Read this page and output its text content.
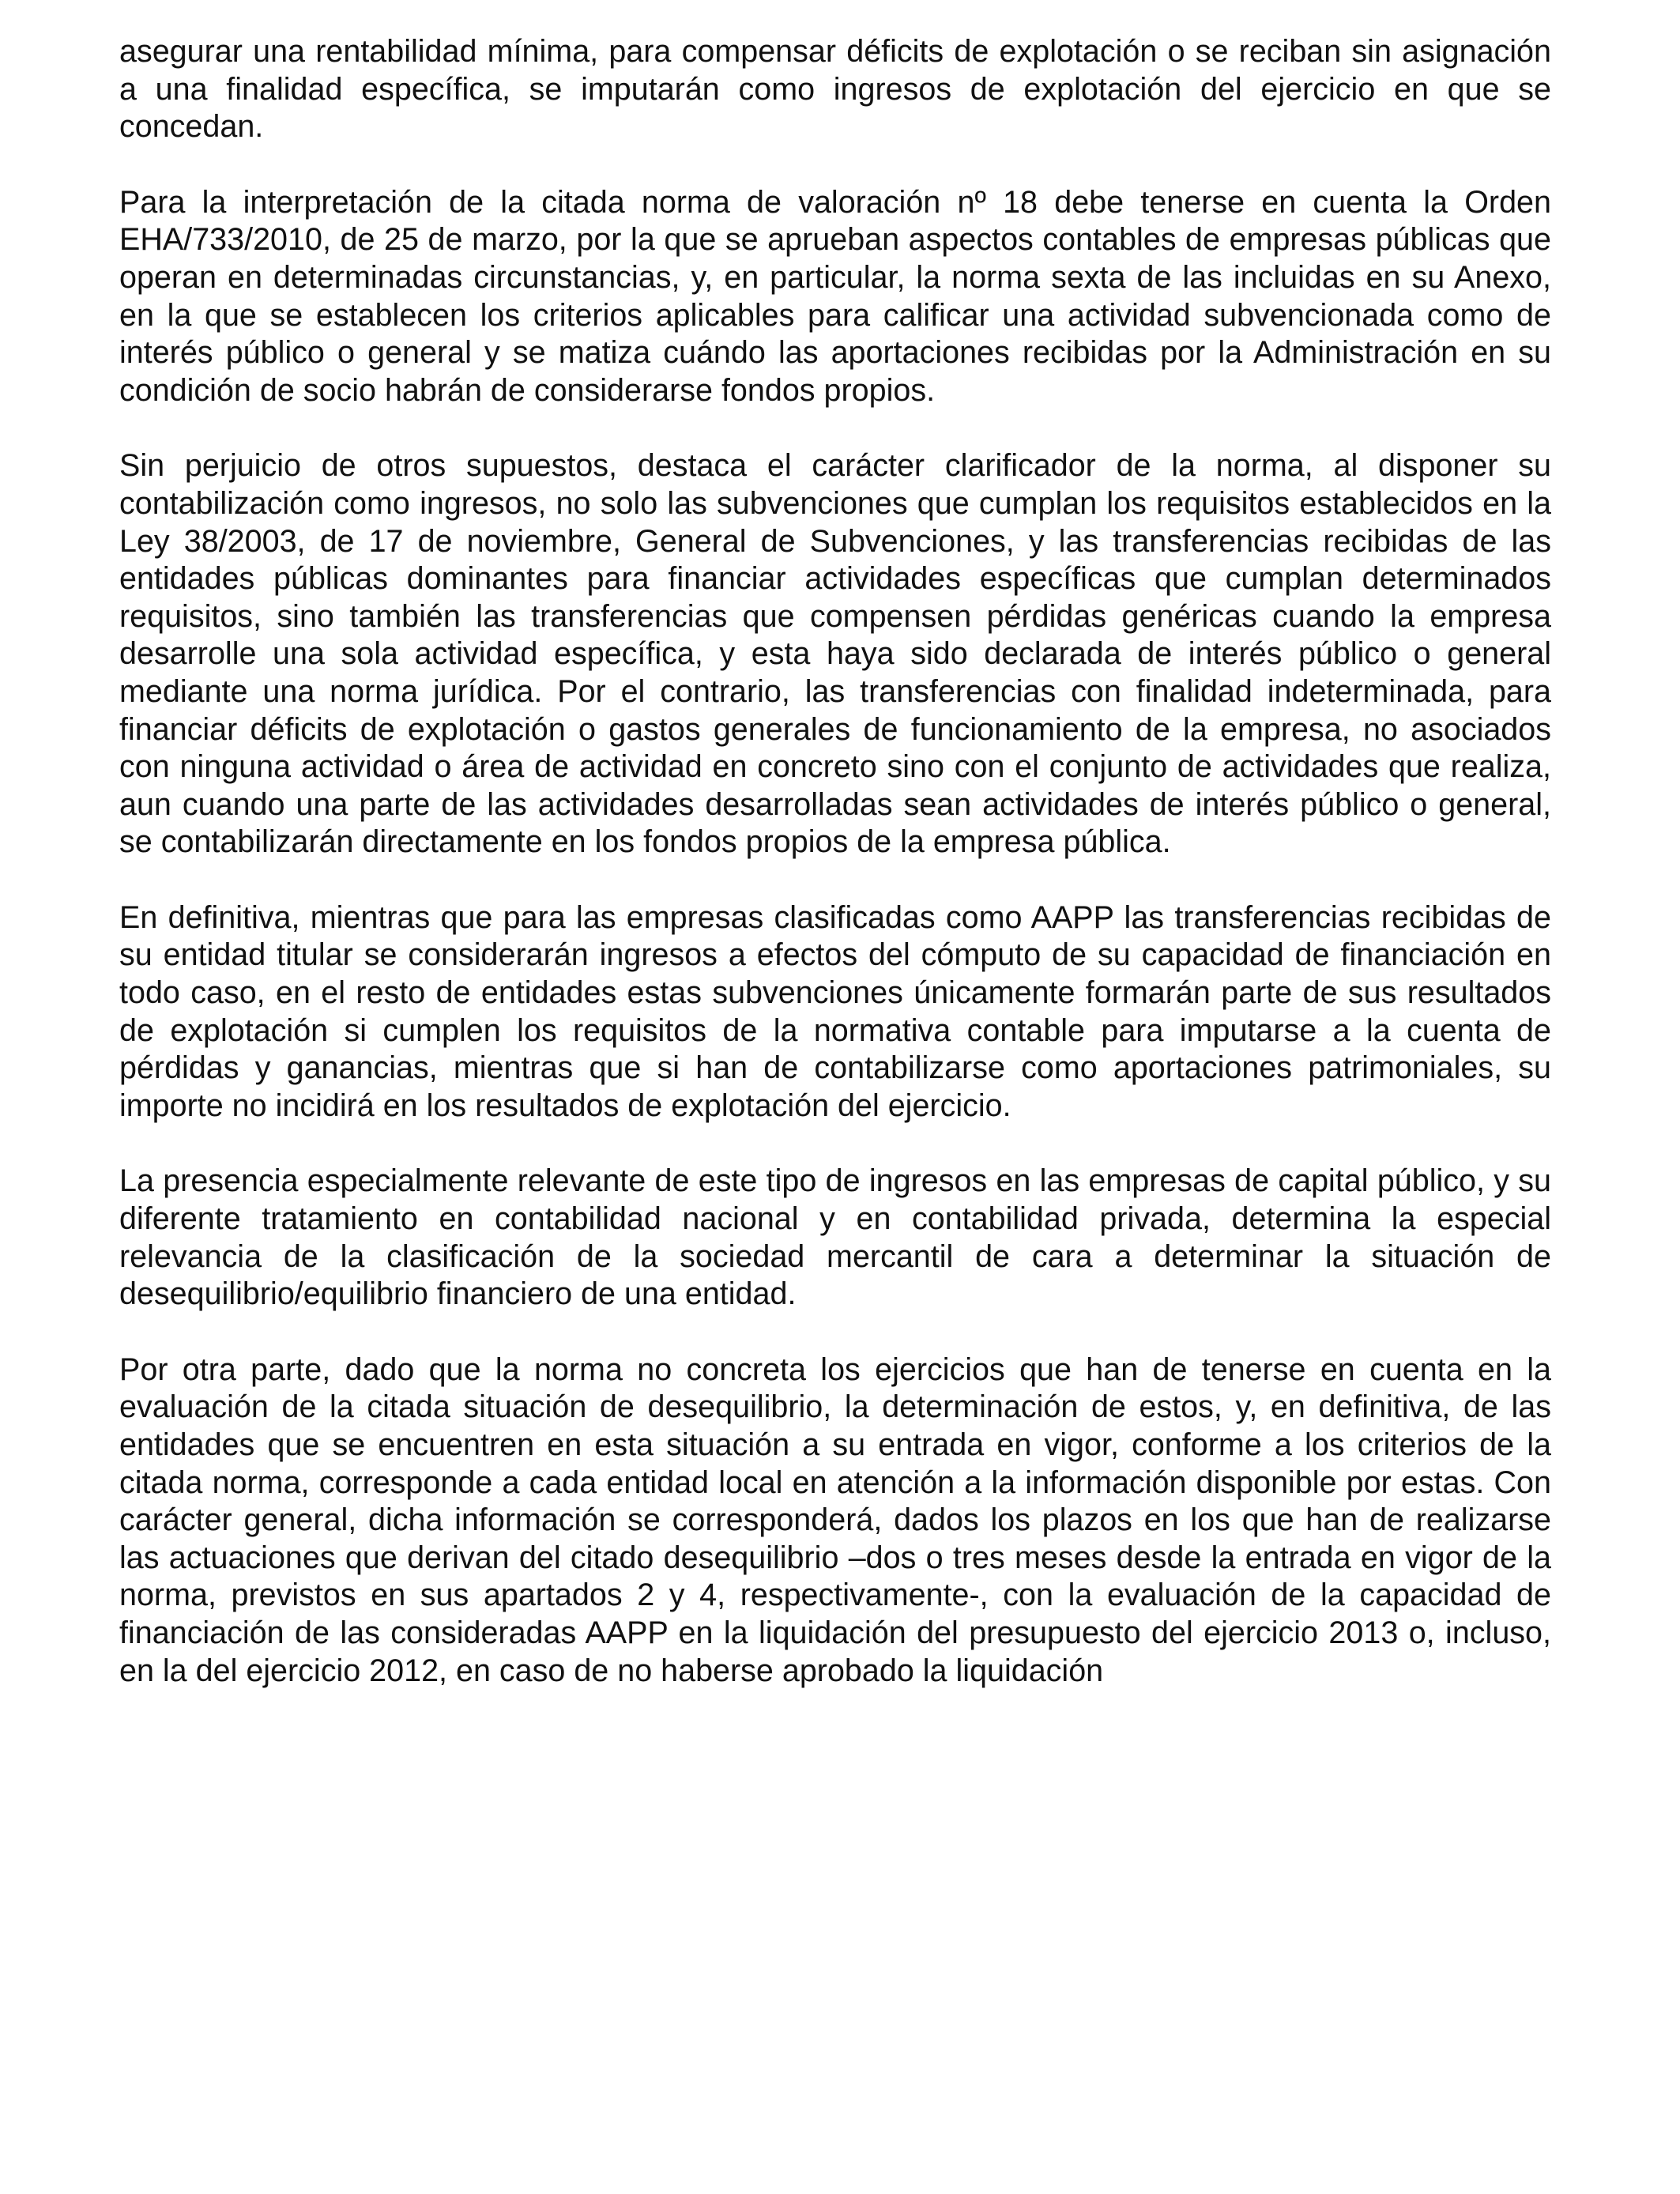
asegurar una rentabilidad mínima, para compensar déficits de explotación o se reciban sin asignación a una finalidad específica, se imputarán como ingresos de explotación del ejercicio en que se concedan.

Para la interpretación de la citada norma de valoración nº 18 debe tenerse en cuenta la Orden EHA/733/2010, de 25 de marzo, por la que se aprueban aspectos contables de empresas públicas que operan en determinadas circunstancias, y, en particular, la norma sexta de las incluidas en su Anexo, en la que se establecen los criterios aplicables para calificar una actividad subvencionada como de interés público o general y se matiza cuándo las aportaciones recibidas por la Administración en su condición de socio habrán de considerarse fondos propios.

Sin perjuicio de otros supuestos, destaca el carácter clarificador de la norma, al disponer su contabilización como ingresos, no solo las subvenciones que cumplan los requisitos establecidos en la Ley 38/2003, de 17 de noviembre, General de Subvenciones, y las transferencias recibidas de las entidades públicas dominantes para financiar actividades específicas que cumplan determinados requisitos, sino también las transferencias que compensen pérdidas genéricas cuando la empresa desarrolle una sola actividad específica, y esta haya sido declarada de interés público o general mediante una norma jurídica. Por el contrario, las transferencias con finalidad indeterminada, para financiar déficits de explotación o gastos generales de funcionamiento de la empresa, no asociados con ninguna actividad o área de actividad en concreto sino con el conjunto de actividades que realiza, aun cuando una parte de las actividades desarrolladas sean actividades de interés público o general, se contabilizarán directamente en los fondos propios de la empresa pública.

En definitiva, mientras que para las empresas clasificadas como AAPP las transferencias recibidas de su entidad titular se considerarán ingresos a efectos del cómputo de su capacidad de financiación en todo caso, en el resto de entidades estas subvenciones únicamente formarán parte de sus resultados de explotación si cumplen los requisitos de la normativa contable para imputarse a la cuenta de pérdidas y ganancias, mientras que si han de contabilizarse como aportaciones patrimoniales, su importe no incidirá en los resultados de explotación del ejercicio.

La presencia especialmente relevante de este tipo de ingresos en las empresas de capital público, y su diferente tratamiento en contabilidad nacional y en contabilidad privada, determina la especial relevancia de la clasificación de la sociedad mercantil de cara a determinar la situación de desequilibrio/equilibrio financiero de una entidad.

Por otra parte, dado que la norma no concreta los ejercicios que han de tenerse en cuenta en la evaluación de la citada situación de desequilibrio, la determinación de estos, y, en definitiva, de las entidades que se encuentren en esta situación a su entrada en vigor, conforme a los criterios de la citada norma, corresponde a cada entidad local en atención a la información disponible por estas. Con carácter general, dicha información se corresponderá, dados los plazos en los que han de realizarse las actuaciones que derivan del citado desequilibrio –dos o tres meses desde la entrada en vigor de la norma, previstos en sus apartados 2 y 4, respectivamente-, con la evaluación de la capacidad de financiación de las consideradas AAPP en la liquidación del presupuesto del ejercicio 2013 o, incluso, en la del ejercicio 2012, en caso de no haberse aprobado la liquidación
